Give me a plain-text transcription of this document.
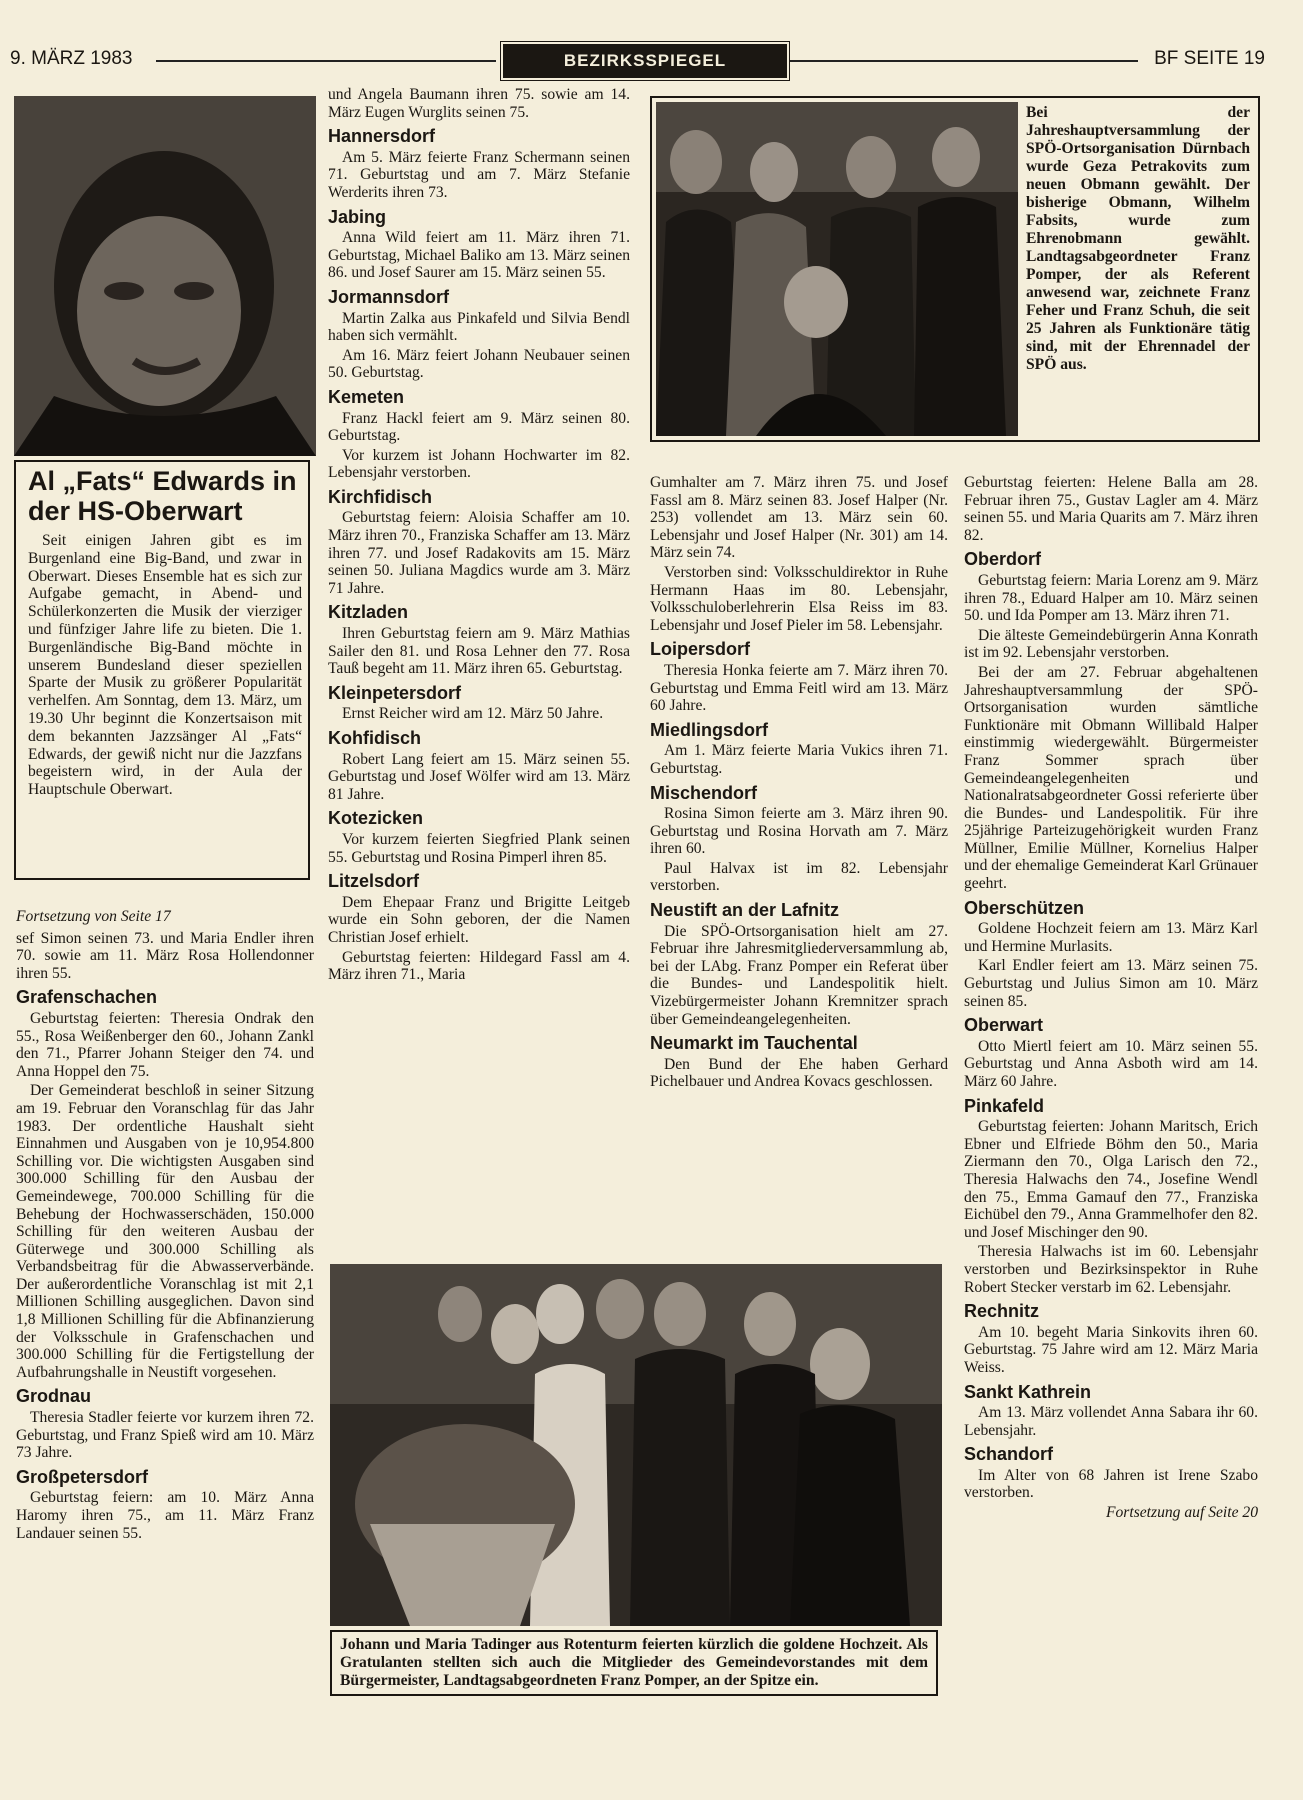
9. MÄRZ 1983	BEZIRKSSPIEGEL	BF SEITE 19
Al „Fats“ Edwards in der HS-Oberwart

Seit einigen Jahren gibt es im Burgenland eine Big-Band, und zwar in Oberwart. Dieses Ensemble hat es sich zur Aufgabe gemacht, in Abend- und Schülerkonzerten die Musik der vierziger und fünfziger Jahre life zu bieten. Die 1. Burgenländische Big-Band möchte in unserem Bundesland dieser speziellen Sparte der Musik zu größerer Popularität verhelfen. Am Sonntag, dem 13. März, um 19.30 Uhr beginnt die Konzertsaison mit dem bekannten Jazzsänger Al „Fats“ Edwards, der gewiß nicht nur die Jazzfans begeistern wird, in der Aula der Hauptschule Oberwart.

Fortsetzung von Seite 17

sef Simon seinen 73. und Maria Endler ihren 70. sowie am 11. März Rosa Hollendonner ihren 55.

Grafenschachen

Geburtstag feierten: Theresia Ondrak den 55., Rosa Weißenberger den 60., Johann Zankl den 71., Pfarrer Johann Steiger den 74. und Anna Hoppel den 75.

Der Gemeinderat beschloß in seiner Sitzung am 19. Februar den Voranschlag für das Jahr 1983. Der ordentliche Haushalt sieht Einnahmen und Ausgaben von je 10,954.800 Schilling vor. Die wichtigsten Ausgaben sind 300.000 Schilling für den Ausbau der Gemeindewege, 700.000 Schilling für die Behebung der Hochwasserschäden, 150.000 Schilling für den weiteren Ausbau der Güterwege und 300.000 Schilling als Verbandsbeitrag für die Abwasserverbände. Der außerordentliche Voranschlag ist mit 2,1 Millionen Schilling ausgeglichen. Davon sind 1,8 Millionen Schilling für die Abfinanzierung der Volksschule in Grafenschachen und 300.000 Schilling für die Fertigstellung der Aufbahrungshalle in Neustift vorgesehen.

Grodnau

Theresia Stadler feierte vor kurzem ihren 72. Geburtstag, und Franz Spieß wird am 10. März 73 Jahre.

Großpetersdorf

Geburtstag feiern: am 10. März Anna Haromy ihren 75., am 11. März Franz Landauer seinen 55.

und Angela Baumann ihren 75. sowie am 14. März Eugen Wurglits seinen 75.

Hannersdorf

Am 5. März feierte Franz Schermann seinen 71. Geburtstag und am 7. März Stefanie Werderits ihren 73.

Jabing

Anna Wild feiert am 11. März ihren 71. Geburtstag, Michael Baliko am 13. März seinen 86. und Josef Saurer am 15. März seinen 55.

Jormannsdorf

Martin Zalka aus Pinkafeld und Silvia Bendl haben sich vermählt.

Am 16. März feiert Johann Neubauer seinen 50. Geburtstag.

Kemeten

Franz Hackl feiert am 9. März seinen 80. Geburtstag.

Vor kurzem ist Johann Hochwarter im 82. Lebensjahr verstorben.

Kirchfidisch

Geburtstag feiern: Aloisia Schaffer am 10. März ihren 70., Franziska Schaffer am 13. März ihren 77. und Josef Radakovits am 15. März seinen 50. Juliana Magdics wurde am 3. März 71 Jahre.

Kitzladen

Ihren Geburtstag feiern am 9. März Mathias Sailer den 81. und Rosa Lehner den 77. Rosa Tauß begeht am 11. März ihren 65. Geburtstag.

Kleinpetersdorf

Ernst Reicher wird am 12. März 50 Jahre.

Kohfidisch

Robert Lang feiert am 15. März seinen 55. Geburtstag und Josef Wölfer wird am 13. März 81 Jahre.

Kotezicken

Vor kurzem feierten Siegfried Plank seinen 55. Geburtstag und Rosina Pimperl ihren 85.

Litzelsdorf

Dem Ehepaar Franz und Brigitte Leitgeb wurde ein Sohn geboren, der die Namen Christian Josef erhielt.

Geburtstag feierten: Hildegard Fassl am 4. März ihren 71., Maria

Bei der Jahreshauptversammlung der SPÖ-Ortsorganisation Dürnbach wurde Geza Petrakovits zum neuen Obmann gewählt. Der bisherige Obmann, Wilhelm Fabsits, wurde zum Ehrenobmann gewählt. Landtagsabgeordneter Franz Pomper, der als Referent anwesend war, zeichnete Franz Feher und Franz Schuh, die seit 25 Jahren als Funktionäre tätig sind, mit der Ehrennadel der SPÖ aus.

Gumhalter am 7. März ihren 75. und Josef Fassl am 8. März seinen 83. Josef Halper (Nr. 253) vollendet am 13. März sein 60. Lebensjahr und Josef Halper (Nr. 301) am 14. März sein 74.

Verstorben sind: Volksschuldirektor in Ruhe Hermann Haas im 80. Lebensjahr, Volksschuloberlehrerin Elsa Reiss im 83. Lebensjahr und Josef Pieler im 58. Lebensjahr.

Loipersdorf

Theresia Honka feierte am 7. März ihren 70. Geburtstag und Emma Feitl wird am 13. März 60 Jahre.

Miedlingsdorf

Am 1. März feierte Maria Vukics ihren 71. Geburtstag.

Mischendorf

Rosina Simon feierte am 3. März ihren 90. Geburtstag und Rosina Horvath am 7. März ihren 60.

Paul Halvax ist im 82. Lebensjahr verstorben.

Neustift an der Lafnitz

Die SPÖ-Ortsorganisation hielt am 27. Februar ihre Jahresmitgliederversammlung ab, bei der LAbg. Franz Pomper ein Referat über die Bundes- und Landespolitik hielt. Vizebürgermeister Johann Kremnitzer sprach über Gemeindeangelegenheiten.

Neumarkt im Tauchental

Den Bund der Ehe haben Gerhard Pichelbauer und Andrea Kovacs geschlossen.

Geburtstag feierten: Helene Balla am 28. Februar ihren 75., Gustav Lagler am 4. März seinen 55. und Maria Quarits am 7. März ihren 82.

Oberdorf

Geburtstag feiern: Maria Lorenz am 9. März ihren 78., Eduard Halper am 10. März seinen 50. und Ida Pomper am 13. März ihren 71.

Die älteste Gemeindebürgerin Anna Konrath ist im 92. Lebensjahr verstorben.

Bei der am 27. Februar abgehaltenen Jahreshauptversammlung der SPÖ-Ortsorganisation wurden sämtliche Funktionäre mit Obmann Willibald Halper einstimmig wiedergewählt. Bürgermeister Franz Sommer sprach über Gemeindeangelegenheiten und Nationalratsabgeordneter Gossi referierte über die Bundes- und Landespolitik. Für ihre 25jährige Parteizugehörigkeit wurden Franz Müllner, Emilie Müllner, Kornelius Halper und der ehemalige Gemeinderat Karl Grünauer geehrt.

Oberschützen

Goldene Hochzeit feiern am 13. März Karl und Hermine Murlasits.

Karl Endler feiert am 13. März seinen 75. Geburtstag und Julius Simon am 10. März seinen 85.

Oberwart

Otto Miertl feiert am 10. März seinen 55. Geburtstag und Anna Asboth wird am 14. März 60 Jahre.

Pinkafeld

Geburtstag feierten: Johann Maritsch, Erich Ebner und Elfriede Böhm den 50., Maria Ziermann den 70., Olga Larisch den 72., Theresia Halwachs den 74., Josefine Wendl den 75., Emma Gamauf den 77., Franziska Eichübel den 79., Anna Grammelhofer den 82. und Josef Mischinger den 90.

Theresia Halwachs ist im 60. Lebensjahr verstorben und Bezirksinspektor in Ruhe Robert Stecker verstarb im 62. Lebensjahr.

Rechnitz

Am 10. begeht Maria Sinkovits ihren 60. Geburtstag. 75 Jahre wird am 12. März Maria Weiss.

Sankt Kathrein

Am 13. März vollendet Anna Sabara ihr 60. Lebensjahr.

Schandorf

Im Alter von 68 Jahren ist Irene Szabo verstorben.

Fortsetzung auf Seite 20

Johann und Maria Tadinger aus Rotenturm feierten kürzlich die goldene Hochzeit. Als Gratulanten stellten sich auch die Mitglieder des Gemeindevorstandes mit dem Bürgermeister, Landtagsabgeordneten Franz Pomper, an der Spitze ein.
